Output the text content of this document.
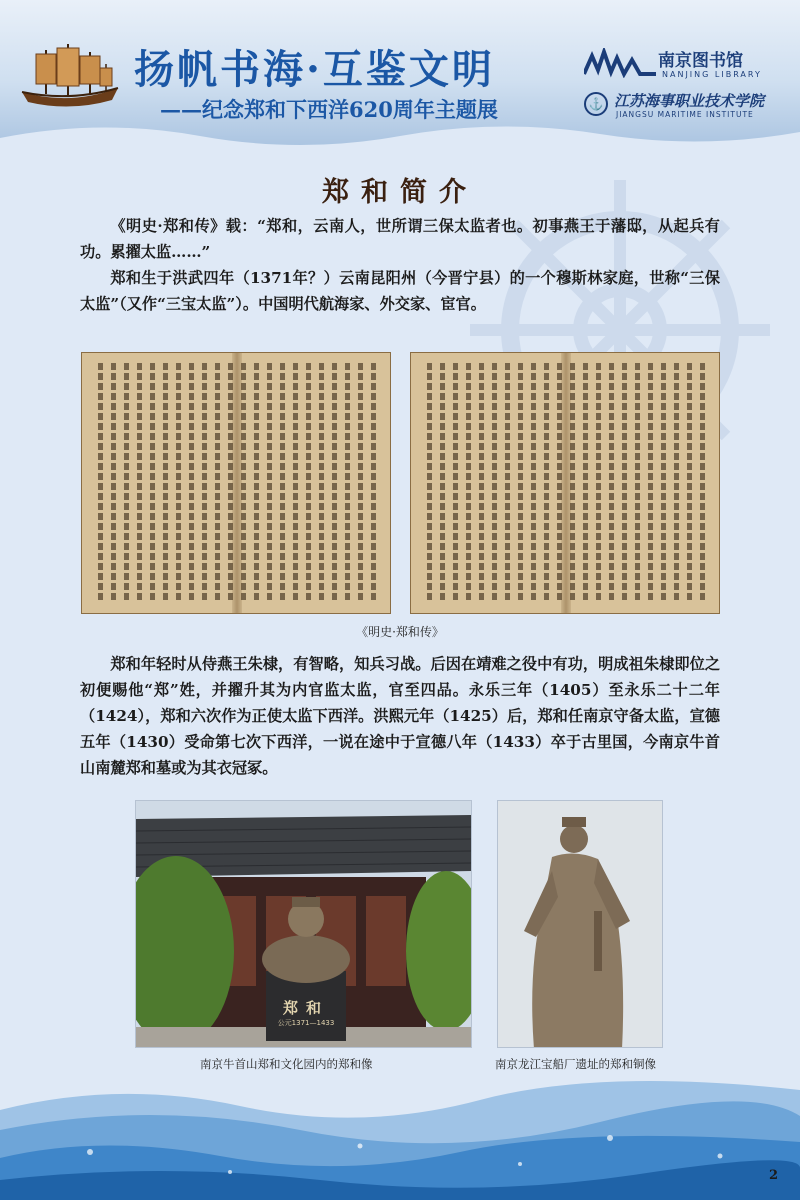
扬帆书海·互鉴文明
——纪念郑和下西洋620周年主题展
南京图书馆
NANJING LIBRARY
⚓ 江苏海事职业技术学院
JIANGSU MARITIME INSTITUTE
郑和简介

《明史·郑和传》载：“郑和，云南人，世所谓三保太监者也。初事燕王于藩邸，从起兵有功。累擢太监……”

郑和生于洪武四年（1371年？）云南昆阳州（今晋宁县）的一个穆斯林家庭，世称“三保太监”（又作“三宝太监”）。中国明代航海家、外交家、宦官。

《明史·郑和传》

郑和年轻时从侍燕王朱棣，有智略，知兵习战。后因在靖难之役中有功，明成祖朱棣即位之初便赐他“郑”姓，并擢升其为内官监太监，官至四品。永乐三年（1405）至永乐二十二年（1424），郑和六次作为正使太监下西洋。洪熙元年（1425）后，郑和任南京守备太监，宣德五年（1430）受命第七次下西洋，一说在途中于宣德八年（1433）卒于古里国，今南京牛首山南麓郑和墓或为其衣冠冢。

郑和
公元1371—1433
南京牛首山郑和文化园内的郑和像	南京龙江宝船厂遗址的郑和铜像
2
